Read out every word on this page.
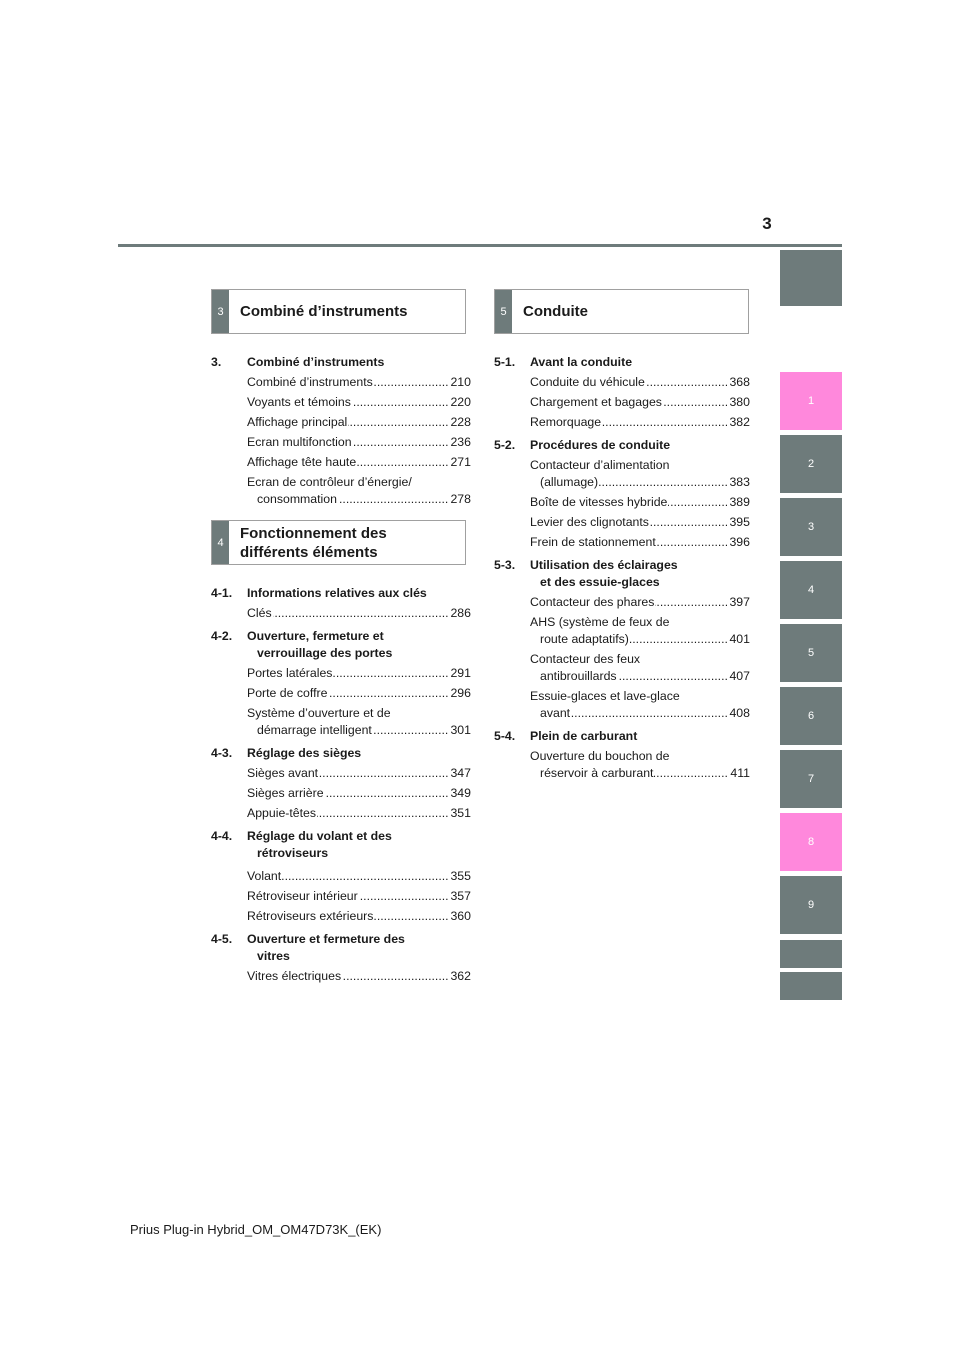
3
1
2
3
4
5
6
7
8
9
3	Combiné d’instruments
3.	Combiné d’instruments
Combiné d’instruments .....	210
Voyants et témoins .....	220
Affichage principal .....	228
Ecran multifonction .....	236
Affichage tête haute .....	271
Ecran de contrôleur d’énergie/
consommation .....	278
4
Fonctionnement des
différents éléments
4-1.	Informations relatives aux clés
Clés .....	286
4-2.	Ouverture, fermeture et
verrouillage des portes
Portes latérales .....	291
Porte de coffre .....	296
Système d’ouverture et de
démarrage intelligent .....	301
4-3.	Réglage des sièges
Sièges avant .....	347
Sièges arrière .....	349
Appuie-têtes .....	351
4-4.	Réglage du volant et des
rétroviseurs
Volant .....	355
Rétroviseur intérieur .....	357
Rétroviseurs extérieurs .....	360
4-5.	Ouverture et fermeture des
vitres
Vitres électriques .....	362
5	Conduite
5-1.	Avant la conduite
Conduite du véhicule .....	368
Chargement et bagages .....	380
Remorquage .....	382
5-2.	Procédures de conduite
Contacteur d’alimentation
(allumage) .....	383
Boîte de vitesses hybride .....	389
Levier des clignotants .....	395
Frein de stationnement .....	396
5-3.	Utilisation des éclairages
et des essuie-glaces
Contacteur des phares .....	397
AHS (système de feux de
route adaptatifs) .....	401
Contacteur des feux
antibrouillards .....	407
Essuie-glaces et lave-glace
avant .....	408
5-4.	Plein de carburant
Ouverture du bouchon de
réservoir à carburant .....	411
Prius Plug-in Hybrid_OM_OM47D73K_(EK)
